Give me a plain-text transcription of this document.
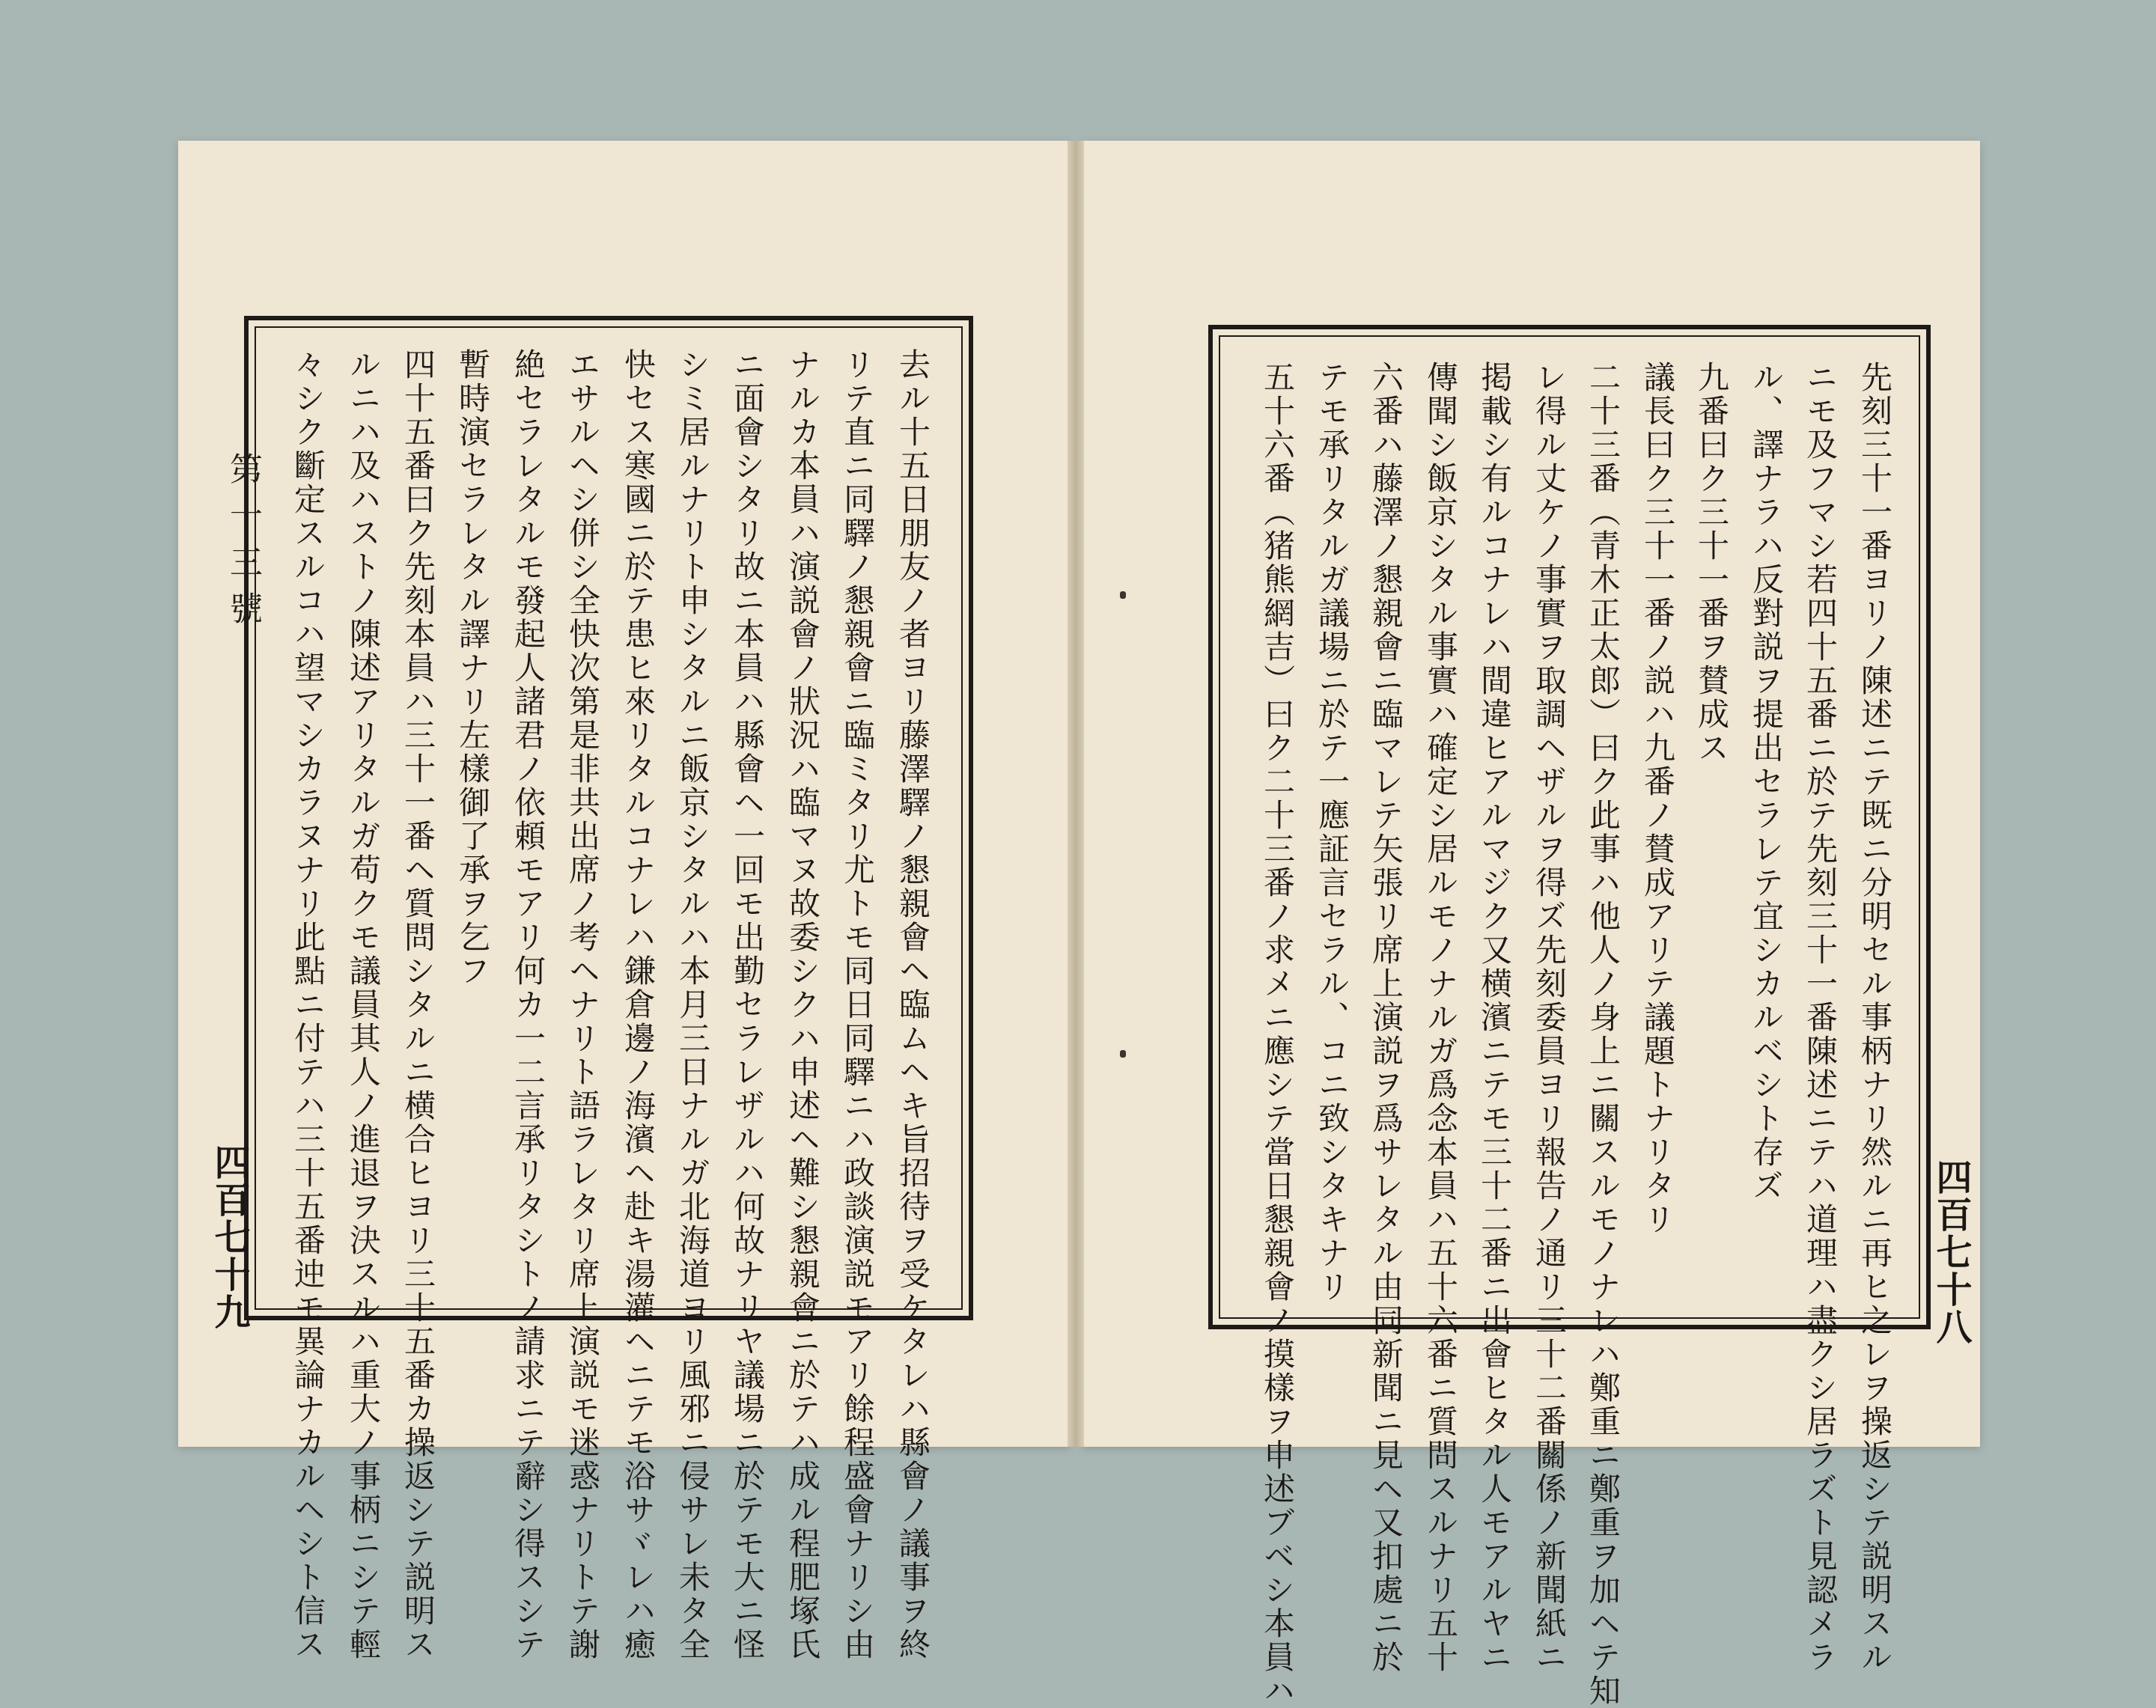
第十三號
四百七十九	四百七十八
先刻三十一番ヨリノ陳述ニテ既ニ分明セル事柄ナリ然ルニ再ヒ之レヲ操返シテ説明スル
ニモ及フマシ若四十五番ニ於テ先刻三十一番陳述ニテハ道理ハ盡クシ居ラズト見認メラ
ル、譯ナラハ反對説ヲ提出セラレテ宜シカルベシト存ズ
九番曰ク三十一番ヲ賛成ス
議長曰ク三十一番ノ説ハ九番ノ賛成アリテ議題トナリタリ
二十三番（青木正太郎）曰ク此事ハ他人ノ身上ニ關スルモノナレハ鄭重ニ鄭重ヲ加ヘテ知
レ得ル丈ケノ事實ヲ取調ヘザルヲ得ズ先刻委員ヨリ報告ノ通リ三十二番關係ノ新聞紙ニ
掲載シ有ルコナレハ間違ヒアルマジク又横濱ニテモ三十二番ニ出會ヒタル人モアルヤニ
傳聞シ飯京シタル事實ハ確定シ居ルモノナルガ爲念本員ハ五十六番ニ質問スルナリ五十
六番ハ藤澤ノ懇親會ニ臨マレテ矢張リ席上演説ヲ爲サレタル由同新聞ニ見ヘ又扣處ニ於
テモ承リタルガ議場ニ於テ一應証言セラル、コニ致シタキナリ
五十六番（猪熊網吉）曰ク二十三番ノ求メニ應シテ當日懇親會ノ摸樣ヲ申述ブベシ本員ハ
去ル十五日朋友ノ者ヨリ藤澤驛ノ懇親會ヘ臨ムヘキ旨招待ヲ受ケタレハ縣會ノ議事ヲ終
リテ直ニ同驛ノ懇親會ニ臨ミタリ尤トモ同日同驛ニハ政談演説モアリ餘程盛會ナリシ由
ナルカ本員ハ演説會ノ狀況ハ臨マヌ故委シクハ申述ヘ難シ懇親會ニ於テハ成ル程肥塚氏
ニ面會シタリ故ニ本員ハ縣會ヘ一回モ出勤セラレザルハ何故ナリヤ議場ニ於テモ大ニ怪
シミ居ルナリト申シタルニ飯京シタルハ本月三日ナルガ北海道ヨリ風邪ニ侵サレ未タ全
快セス寒國ニ於テ患ヒ來リタルコナレハ鎌倉邊ノ海濱ヘ赴キ湯灌ヘニテモ浴サヾレハ癒
エサルヘシ併シ全快次第是非共出席ノ考ヘナリト語ラレタリ席上演説モ迷惑ナリトテ謝
絶セラレタルモ發起人諸君ノ依頼モアリ何カ一二言承リタシトノ請求ニテ辭シ得スシテ
暫時演セラレタル譯ナリ左樣御了承ヲ乞フ
四十五番曰ク先刻本員ハ三十一番ヘ質問シタルニ横合ヒヨリ三十五番カ操返シテ説明ス
ルニハ及ハストノ陳述アリタルガ苟クモ議員其人ノ進退ヲ決スルハ重大ノ事柄ニシテ輕
々シク斷定スルコハ望マシカラヌナリ此點ニ付テハ三十五番迚モ異論ナカルヘシト信ス
